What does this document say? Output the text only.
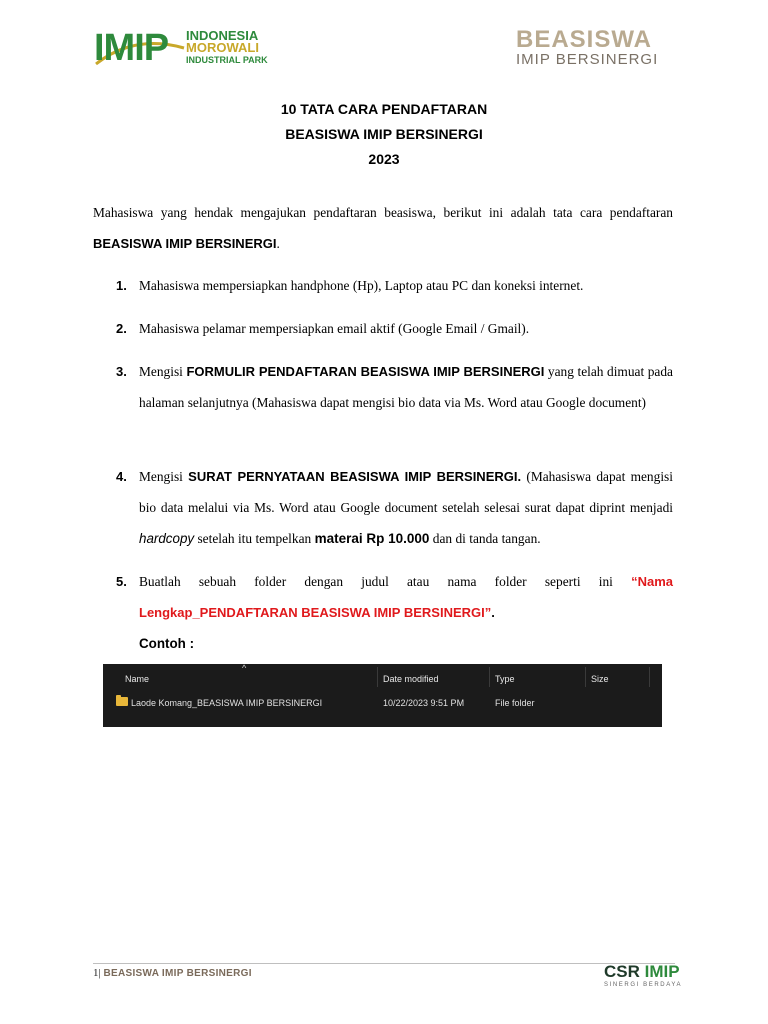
IMIP INDONESIA
MOROWALI
INDUSTRIAL PARK
BEASISWA
IMIP BERSINERGI
10 TATA CARA PENDAFTARAN
BEASISWA IMIP BERSINERGI
2023
Mahasiswa yang hendak mengajukan pendaftaran beasiswa, berikut ini adalah tata cara pendaftaran BEASISWA IMIP BERSINERGI.
1. Mahasiswa mempersiapkan handphone (Hp), Laptop atau PC dan koneksi internet.
2. Mahasiswa pelamar mempersiapkan email aktif (Google Email / Gmail).
3. Mengisi FORMULIR PENDAFTARAN BEASISWA IMIP BERSINERGI yang telah dimuat pada halaman selanjutnya (Mahasiswa dapat mengisi bio data via Ms. Word atau Google document)
4. Mengisi SURAT PERNYATAAN BEASISWA IMIP BERSINERGI. (Mahasiswa dapat mengisi bio data melalui via Ms. Word atau Google document setelah selesai surat dapat diprint menjadi hardcopy setelah itu tempelkan materai Rp 10.000 dan di tanda tangan.
5. Buatlah sebuah folder dengan judul atau nama folder seperti ini “Nama Lengkap_PENDAFTARAN BEASISWA IMIP BERSINERGI”.
Contoh :
^
Name	Date modified	Type	Size
Laode Komang_BEASISWA IMIP BERSINERGI	10/22/2023 9:51 PM	File folder
1| BEASISWA IMIP BERSINERGI	CSR IMIP
SINERGI BERDAYA
